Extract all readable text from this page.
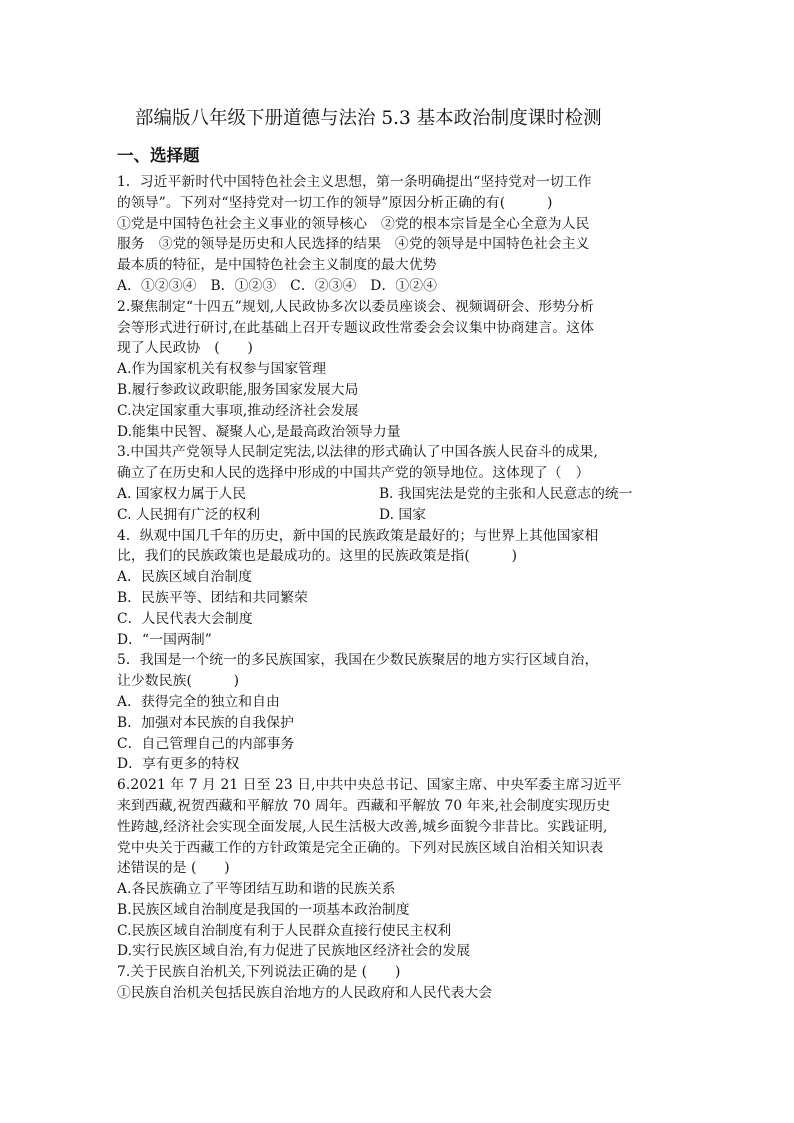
部编版八年级下册道德与法治 5.3 基本政治制度课时检测
一、选择题
1．习近平新时代中国特色社会主义思想，第一条明确提出“坚持党对一切工作
的领导”。下列对“坚持党对一切工作的领导”原因分析正确的有(　　　)
①党是中国特色社会主义事业的领导核心　②党的根本宗旨是全心全意为人民
服务　③党的领导是历史和人民选择的结果　④党的领导是中国特色社会主义
最本质的特征，是中国特色社会主义制度的最大优势
A．①②③④　B．①②③　C．②③④　D．①②④
2.聚焦制定“十四五”规划,人民政协多次以委员座谈会、视频调研会、形势分析
会等形式进行研讨,在此基础上召开专题议政性常委会会议集中协商建言。这体
现了人民政协　(　　)
A.作为国家机关有权参与国家管理
B.履行参政议政职能,服务国家发展大局
C.决定国家重大事项,推动经济社会发展
D.能集中民智、凝聚人心,是最高政治领导力量
3.中国共产党领导人民制定宪法,以法律的形式确认了中国各族人民奋斗的成果,
确立了在历史和人民的选择中形成的中国共产党的领导地位。这体现了（　）
A. 国家权力属于人民	B. 我国宪法是党的主张和人民意志的统一
C. 人民拥有广泛的权利	D. 国家
4．纵观中国几千年的历史，新中国的民族政策是最好的；与世界上其他国家相
比，我们的民族政策也是最成功的。这里的民族政策是指(　　　)
A．民族区域自治制度
B．民族平等、团结和共同繁荣
C．人民代表大会制度
D．“一国两制”
5．我国是一个统一的多民族国家，我国在少数民族聚居的地方实行区域自治，
让少数民族(　　　)
A．获得完全的独立和自由
B．加强对本民族的自我保护
C．自己管理自己的内部事务
D．享有更多的特权
6.2021 年 7 月 21 日至 23 日,中共中央总书记、国家主席、中央军委主席习近平
来到西藏,祝贺西藏和平解放 70 周年。西藏和平解放 70 年来,社会制度实现历史
性跨越,经济社会实现全面发展,人民生活极大改善,城乡面貌今非昔比。实践证明,
党中央关于西藏工作的方针政策是完全正确的。下列对民族区域自治相关知识表
述错误的是 (　　)
A.各民族确立了平等团结互助和谐的民族关系
B.民族区域自治制度是我国的一项基本政治制度
C.民族区域自治制度有利于人民群众直接行使民主权利
D.实行民族区域自治,有力促进了民族地区经济社会的发展
7.关于民族自治机关,下列说法正确的是 (　　)
①民族自治机关包括民族自治地方的人民政府和人民代表大会
